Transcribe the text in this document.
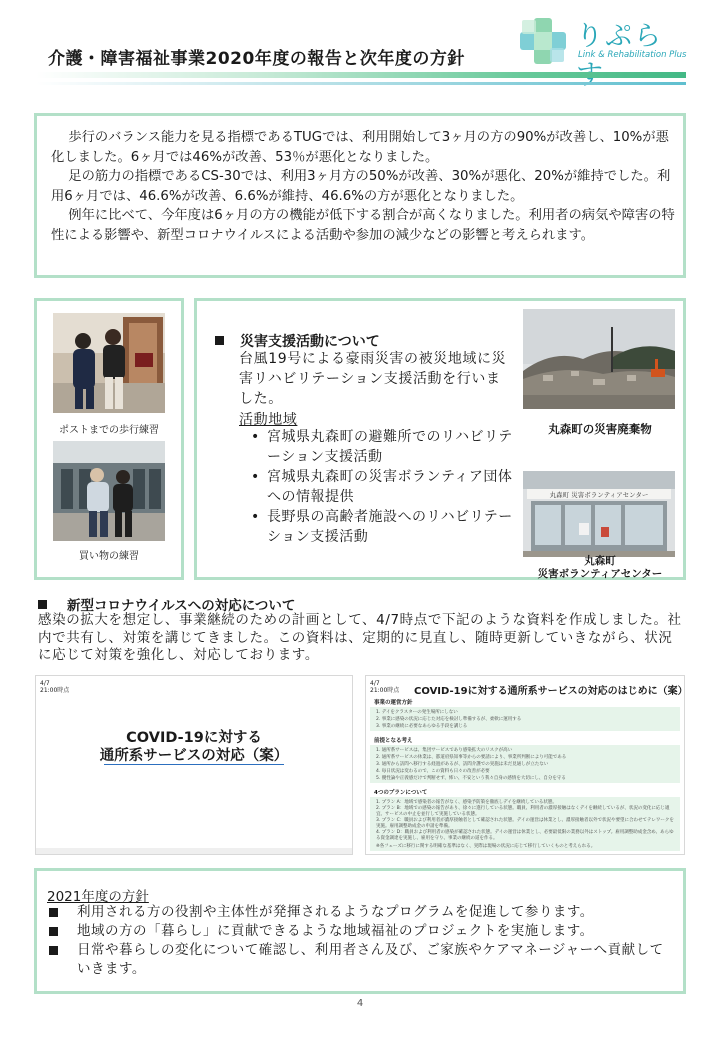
介護・障害福祉事業2020年度の報告と次年度の方針
りぷら
Link & Rehabilitation Plus

歩行のバランス能力を見る指標であるTUGでは、利用開始して3ヶ月の方の90%が改善し、10%が悪化しました。6ヶ月では46%が改善、53％が悪化となりました。

足の筋力の指標であるCS-30では、利用3ヶ月方の50%が改善、30%が悪化、20%が維持でした。利用6ヶ月では、46.6%が改善、6.6%が維持、46.6%の方が悪化となりました。

例年に比べて、今年度は6ヶ月の方の機能が低下する割合が高くなりました。利用者の病気や障害の特性による影響や、新型コロナウイルスによる活動や参加の減少などの影響と考えられます。

ポストまでの歩行練習
買い物の練習
災害支援活動について
台風19号による豪雨災害の被災地域に災害リハビリテーション支援活動を行いました。
活動地域
• 宮城県丸森町の避難所でのリハビリテーション支援活動
• 宮城県丸森町の災害ボランティア団体への情報提供
• 長野県の高齢者施設へのリハビリテーション支援活動
丸森町の災害廃棄物
丸森町 災害ボランティアセンター
丸森町
災害ボランティアセンター
新型コロナウイルスへの対応について
感染の拡大を想定し、事業継続のための計画として、4/7時点で下記のような資料を作成しました。社内で共有し、対策を講じてきました。この資料は、定期的に見直し、随時更新していきながら、状況に応じて対策を強化し、対応しております。
4/7
21:00時点
COVID-19に対する
通所系サービスの対応（案）
4/7
21:00時点 COVID-19に対する通所系サービスの対応のはじめに（案）
事業の運営方針
1. デイをクラスターの発生場所にしない
2. 事業に感染の状況に応じた対応を検討し準備するが、柔軟に運用する
3. 事業の継続に必要なあらゆる手段を講じる
前提となる考え
1. 通所系サービスは、集団サービスであり感染拡大のリスクが高い
2. 通所系サービスの休業は、都道府県知事等からの要請により、事業所判断により可能である
3. 通所から訪問へ移行する経過があるが、訪問介護での実施は未だ見通しが立たない
4. 毎日状況は変わるので、この資料も日々の改善が必要
5. 優性論や正義感だけで判断せず、怖い、不安という我々自身の感情を大切にし、自分を守る
4つのプランについて
1. プラン A：地域で感染者の報告がなく、感染予防策を徹底しデイを継続している状態。
2. プラン B：地域での感染の報告があり、徐々に進行している状態。職員、利用者の濃厚接触はなくデイを継続しているが、状況の変化に応じ適宜、サービスの中止を並行して実施している状態。
3. プラン C：職員および利用者が濃厚接触者として確認された状態。デイの運営は休業とし、濃厚接触者以外で状況や要望に合わせてテレワークを実施。雇用調整助成金の申請を準備。
4. プラン D：職員および利用者の感染が確認された状態。デイの運営は休業とし、必要最低限の業務以外はストップ。雇用調整助成金含め、あらゆる資金調達を実施し、雇用を守り、事業の継続の道を作る。
※各フェーズに移行に関する明確な基準はなく、実際は現場の状況に応じて移行していくものと考えられる。
2021年度の方針
利用される方の役割や主体性が発揮されるようなプログラムを促進して参ります。
地域の方の「暮らし」に貢献できるような地域福祉のプロジェクトを実施します。
日常や暮らしの変化について確認し、利用者さん及び、ご家族やケアマネージャーへ貢献していきます。
4
